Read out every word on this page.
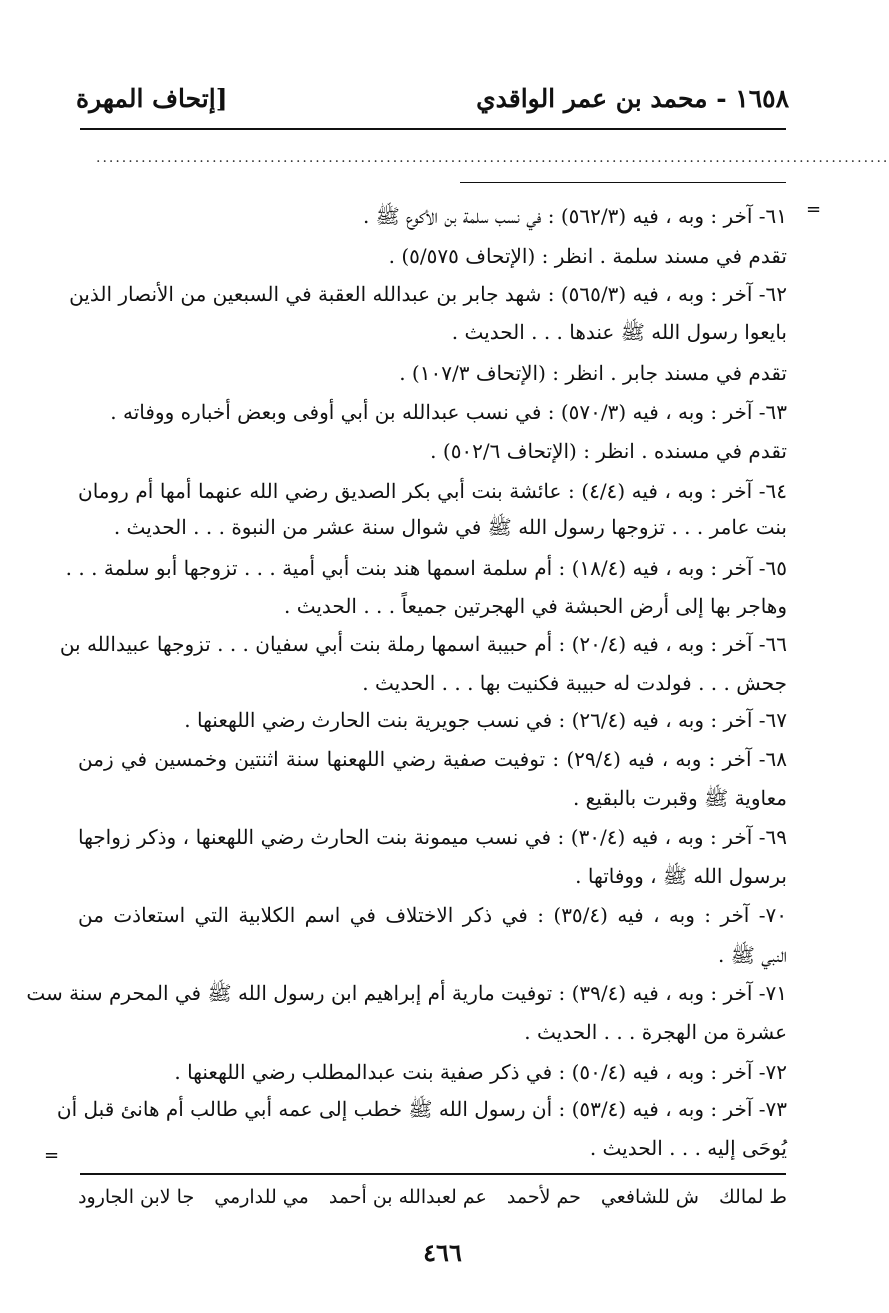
١٦٥٨ - محمد بن عمر الواقدي
[إتحاف المهرة
...........................................................................................................................
=
٦١- آخر : وبه ، فيه (٥٦٢/٣) : في نسب سلمة بن الأكوع ﷺ .
تقدم في مسند سلمة . انظر : (الإتحاف ٥/٥٧٥) .
٦٢- آخر : وبه ، فيه (٥٦٥/٣) : شهد جابر بن عبدالله العقبة في السبعين من الأنصار الذين
بايعوا رسول الله ﷺ عندها . . . الحديث .
تقدم في مسند جابر . انظر : (الإتحاف ١٠٧/٣) .
٦٣- آخر : وبه ، فيه (٥٧٠/٣) : في نسب عبدالله بن أبي أوفى وبعض أخباره ووفاته .
تقدم في مسنده . انظر : (الإتحاف ٥٠٢/٦) .
٦٤- آخر : وبه ، فيه (٤/٤) : عائشة بنت أبي بكر الصديق رضي الله عنهما أمها أم رومان
بنت عامر . . . تزوجها رسول الله ﷺ في شوال سنة عشر من النبوة . . . الحديث .
٦٥- آخر : وبه ، فيه (١٨/٤) : أم سلمة اسمها هند بنت أبي أمية . . . تزوجها أبو سلمة . . .
وهاجر بها إلى أرض الحبشة في الهجرتين جميعاً . . . الحديث .
٦٦- آخر : وبه ، فيه (٢٠/٤) : أم حبيبة اسمها رملة بنت أبي سفيان . . . تزوجها عبيدالله بن
جحش . . . فولدت له حبيبة فكنيت بها . . . الحديث .
٦٧- آخر : وبه ، فيه (٢٦/٤) : في نسب جويرية بنت الحارث رضي اللهعنها .
٦٨- آخر : وبه ، فيه (٢٩/٤) : توفيت صفية رضي اللهعنها سنة اثنتين وخمسين في زمن
معاوية ﷺ وقبرت بالبقيع .
٦٩- آخر : وبه ، فيه (٣٠/٤) : في نسب ميمونة بنت الحارث رضي اللهعنها ، وذكر زواجها
برسول الله ﷺ ، ووفاتها .
٧٠- آخر : وبه ، فيه (٣٥/٤) : في ذكر الاختلاف في اسم الكلابية التي استعاذت من
النبي ﷺ .
٧١- آخر : وبه ، فيه (٣٩/٤) : توفيت مارية أم إبراهيم ابن رسول الله ﷺ في المحرم سنة ست
عشرة من الهجرة . . . الحديث .
٧٢- آخر : وبه ، فيه (٥٠/٤) : في ذكر صفية بنت عبدالمطلب رضي اللهعنها .
٧٣- آخر : وبه ، فيه (٥٣/٤) : أن رسول الله ﷺ خطب إلى عمه أبي طالب أم هانئ قبل أن
يُوحَى إليه . . . الحديث .
=
ط لمالك
ش للشافعي
حم لأحمد
عم لعبدالله بن أحمد
مي للدارمي
جا لابن الجارود
٤٦٦
